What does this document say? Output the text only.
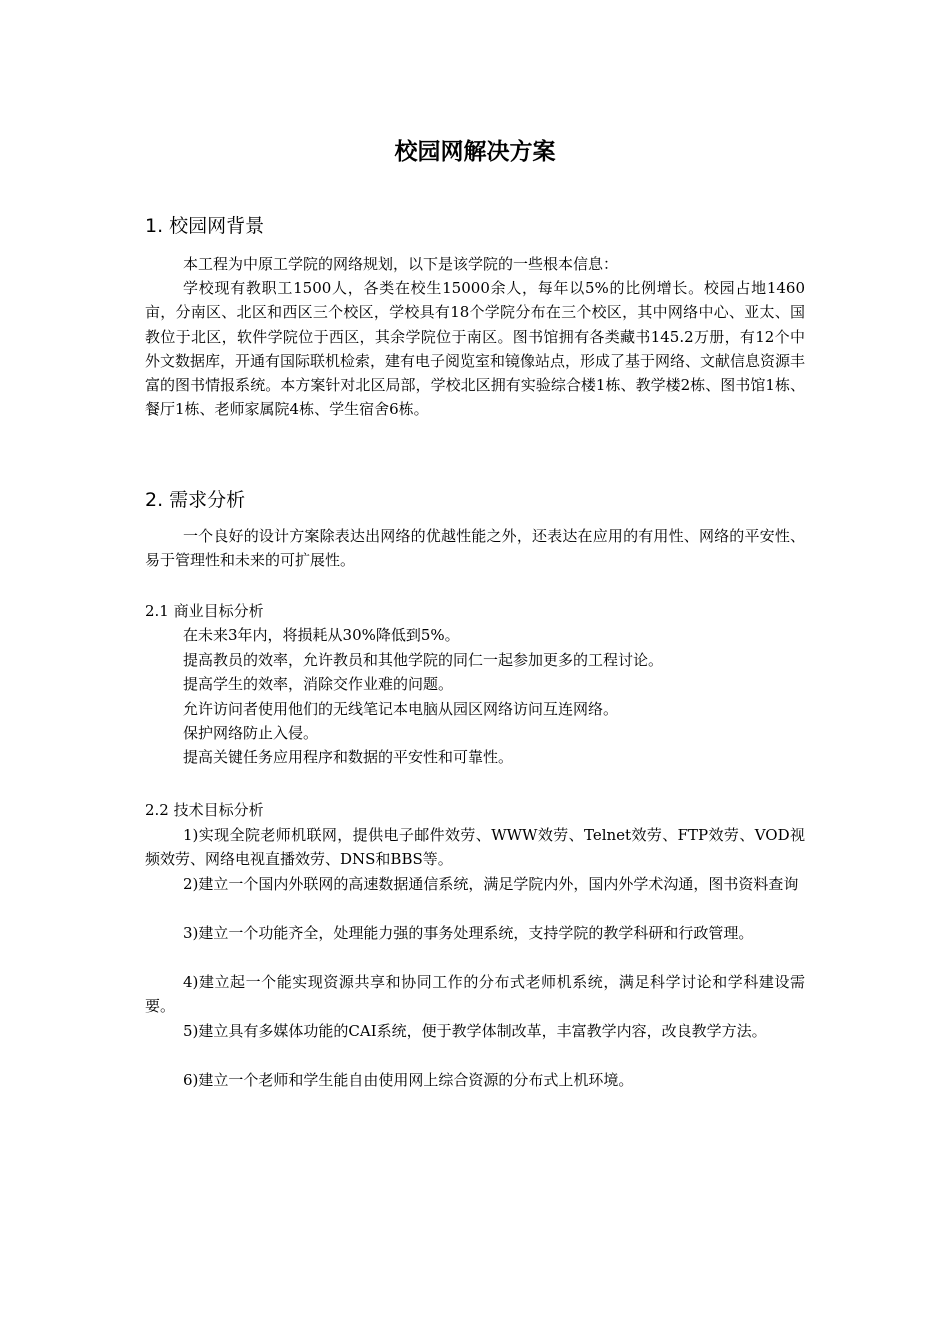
校园网解决方案
1. 校园网背景

本工程为中原工学院的网络规划，以下是该学院的一些根本信息：

学校现有教职工1500人，各类在校生15000余人，每年以5%的比例增长。校园占地1460亩，分南区、北区和西区三个校区，学校具有18个学院分布在三个校区，其中网络中心、亚太、国教位于北区，软件学院位于西区，其余学院位于南区。图书馆拥有各类藏书145.2万册，有12个中外文数据库，开通有国际联机检索，建有电子阅览室和镜像站点，形成了基于网络、文献信息资源丰富的图书情报系统。本方案针对北区局部，学校北区拥有实验综合楼1栋、教学楼2栋、图书馆1栋、餐厅1栋、老师家属院4栋、学生宿舍6栋。

2. 需求分析

一个良好的设计方案除表达出网络的优越性能之外，还表达在应用的有用性、网络的平安性、易于管理性和未来的可扩展性。

2.1 商业目标分析
在未来3年内，将损耗从30%降低到5%。
提高教员的效率，允许教员和其他学院的同仁一起参加更多的工程讨论。
提高学生的效率，消除交作业难的问题。
允许访问者使用他们的无线笔记本电脑从园区网络访问互连网络。
保护网络防止入侵。
提高关键任务应用程序和数据的平安性和可靠性。
2.2 技术目标分析

1)实现全院老师机联网，提供电子邮件效劳、WWW效劳、Telnet效劳、FTP效劳、VOD视频效劳、网络电视直播效劳、DNS和BBS等。

2)建立一个国内外联网的高速数据通信系统，满足学院内外，国内外学术沟通，图书资料查询

3)建立一个功能齐全，处理能力强的事务处理系统，支持学院的教学科研和行政管理。

4)建立起一个能实现资源共享和协同工作的分布式老师机系统，满足科学讨论和学科建设需要。

5)建立具有多媒体功能的CAI系统，便于教学体制改革，丰富教学内容，改良教学方法。

6)建立一个老师和学生能自由使用网上综合资源的分布式上机环境。
